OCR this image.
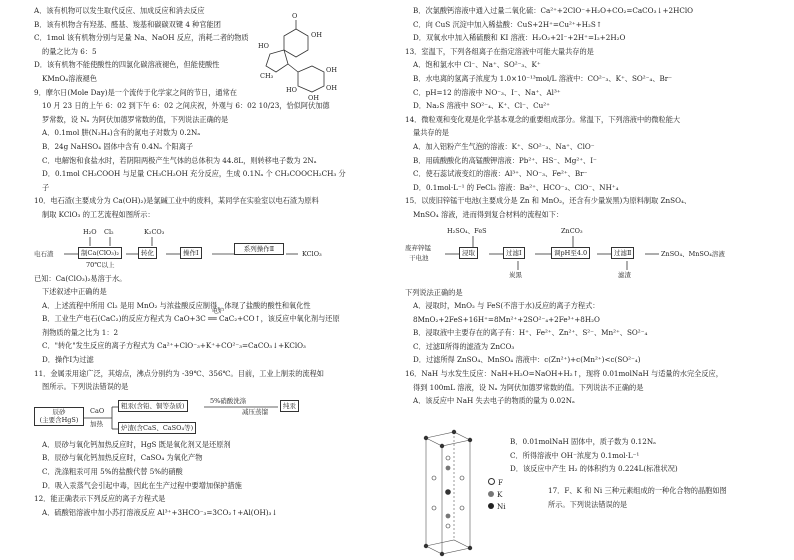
A．该有机物可以发生取代反应、加成反应和消去反应
B．该有机物含有羟基、醛基、羧基和碳碳双键 4 种官能团
C．1mol 该有机物分别与足量 Na、NaOH 反应，消耗二者的物质
的量之比为 6：5
D．该有机物不能使酸性的四氯化碳溶液褪色，但能使酸性
KMnO₄溶液褪色
9．摩尔日(Mole Day)是一个流传于化学家之间的节日，通常在
10 月 23 日的上午 6：02 到下午 6：02 之间庆祝，外观与 6：02 10/23，恰似阿伏加德
罗常数，设 Nₐ 为阿伏加德罗常数的值，下列说法正确的是
A．0.1mol 肼(N₂H₄)含有的氮电子对数为 0.2Nₐ
B．24g NaHSO₄ 固体中含有 0.4Nₐ 个阳离子
C．电解饱和食盐水时，若阴阳两极产生气体的总体积为 44.8L，则转移电子数为 2Nₐ
D．0.1mol CH₃COOH 与足量 CH₃CH₂OH 充分反应，生成 0.1Nₐ 个 CH₃COOCH₂CH₃ 分
子
10．电石渣(主要成分为 Ca(OH)₂)是氯碱工业中的废料，某同学在实验室以电石渣为原料
制取 KClO₃ 的工艺流程如图所示：
电石渣
H₂O Cl₂	K₂CO₃
制Ca(ClO₃)₂
70℃以上
转化	操作Ⅰ	系列操作Ⅱ
KClO₃
已知：Ca(ClO₃)₂易溶于水。
下述叙述中正确的是
A．上述流程中所用 Cl₂ 是用 MnO₂ 与浓盐酸反应制得，体现了盐酸的酸性和氧化性
B．工业生产电石(CaC₂)的反应方程式为 CaO+3C ══ CaC₂+CO↑，该反应中氧化剂与还原
电炉
剂物质的量之比为 1：2
C．"转化"发生反应的离子方程式为 Ca²⁺+ClO⁻₃+K⁺+CO²⁻₃=CaCO₃↓+KClO₃
D．操作Ⅰ为过滤
11．金属汞用途广泛，其熔点，沸点分别约为 -39℃、356℃。目前，工业上制汞的流程如
图所示。下列说法错误的是
辰砂
(主要含HgS)
CaO
加热
粗汞(含铅、铜等杂质)
炉渣(含CaS、CaSO₄等)
5%硝酸洗涤
减压蒸馏
纯汞
A．辰砂与氧化钙加热反应时，HgS 既是氧化剂又是还原剂
B．辰砂与氧化钙加热反应时，CaSO₄ 为氧化产物
C．洗涤粗汞可用 5%的盐酸代替 5%的硝酸
D．吸入汞蒸气会引起中毒，因此在生产过程中要增加保护措施
12．能正确表示下列反应的离子方程式是
A．硫酸铝溶液中加小苏打溶液反应 Al³⁺+3HCO⁻₃=3CO₂↑+Al(OH)₃↓
O
OH
HO
CH₃
OH
OH
HO
OH
B．次氯酸钙溶液中通入过量二氧化硫：Ca²⁺+2ClO⁻+H₂O+CO₂=CaCO₃↓+2HClO
C．向 CuS 沉淀中加入稀盐酸：CuS+2H⁺=Cu²⁺+H₂S↑
D．双氧水中加入稀硫酸和 KI 溶液：H₂O₂+2I⁻+2H⁺=I₂+2H₂O
13．室温下，下列各组离子在指定溶液中可能大量共存的是
A．饱和氯水中 Cl⁻、Na⁺、SO²⁻₃、K⁺
B．水电离的氢离子浓度为 1.0×10⁻¹³mol/L 溶液中：CO²⁻₃、K⁺、SO²⁻₄、Br⁻
C．pH=12 的溶液中 NO⁻₃、I⁻、Na⁺、Al³⁺
D．Na₂S 溶液中 SO²⁻₄、K⁺、Cl⁻、Cu²⁺
14．微粒观和变化观是化学基本观念的重要组成部分。常温下，下列溶液中的微粒能大
量共存的是
A．加入铝粉产生气泡的溶液：K⁺、SO²⁻₃、Na⁺、ClO⁻
B．用硫酸酸化的高锰酸钾溶液：Pb²⁺、HS⁻、Mg²⁺、I⁻
C．使石蕊试液变红的溶液：Al³⁺、NO⁻₃、Fe²⁺、Br⁻
D．0.1mol·L⁻¹ 的 FeCl₃ 溶液：Ba²⁺、HCO⁻₃、ClO⁻、NH⁺₄
15．以废旧锌锰干电池(主要成分是 Zn 和 MnO₂，还含有少量炭黑)为原料制取 ZnSO₄、
MnSO₄ 溶液，进而得到复合材料的流程如下：
废弃锌锰
干电池
H₂SO₄、FeS	ZnCO₃
浸取	过滤Ⅰ	调pH至4.0	过滤Ⅱ	ZnSO₄、MnSO₄溶液
炭黑	滤渣
下列说法正确的是
A．浸取时，MnO₂ 与 FeS(不溶于水)反应的离子方程式：
8MnO₂+2FeS+16H⁺=8Mn²⁺+2SO²⁻₄+2Fe³⁺+8H₂O
B．浸取液中主要存在的离子有：H⁺、Fe²⁺、Zn²⁺、S²⁻、Mn²⁺、SO²⁻₄
C．过滤Ⅱ所得的滤渣为 ZnCO₃
D．过滤所得 ZnSO₄、MnSO₄ 溶液中：c(Zn²⁺)+c(Mn²⁺)<c(SO²⁻₄)
16．NaH 与水发生反应：NaH+H₂O=NaOH+H₂↑，现将 0.01molNaH 与适量的水完全反应，
得到 100mL 溶液，设 Nₐ 为阿伏加德罗常数的值。下列说法不正确的是
A．该反应中 NaH 失去电子的物质的量为 0.02Nₐ
B．0.01molNaH 固体中，质子数为 0.12Nₐ
C．所得溶液中 OH⁻浓度为 0.1mol·L⁻¹
D．该反应中产生 H₂ 的体积约为 0.224L(标准状况)
F
K
Ni
17．F、K 和 Ni 三种元素组成的一种化合物的晶胞如图
所示。下列说法错误的是
